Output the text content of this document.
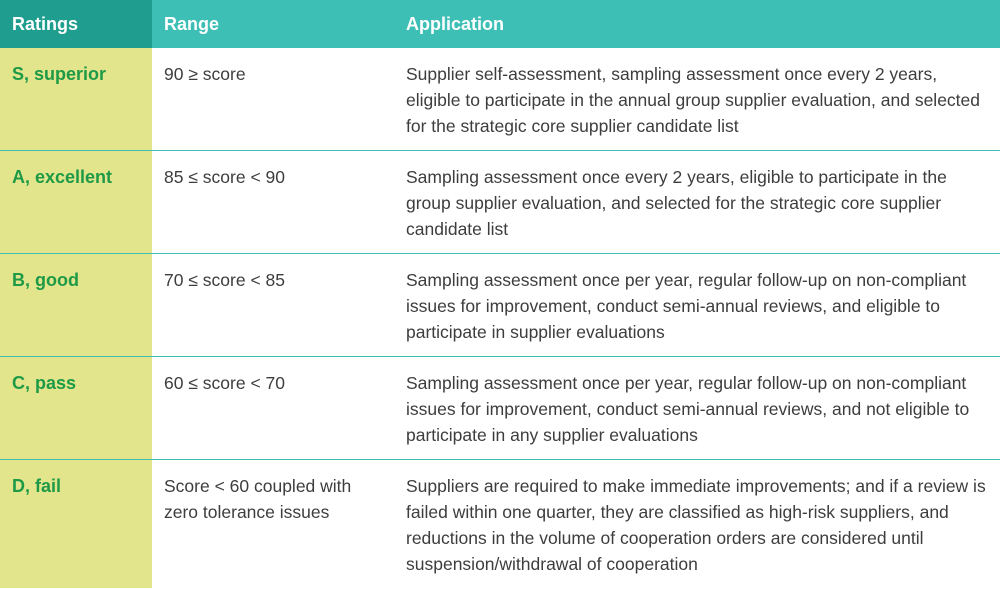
Ratings	Range	Application
S, superior	90 ≥ score	Supplier self-assessment, sampling assessment once every 2 years, eligible to participate in the annual group supplier evaluation, and selected for the strategic core supplier candidate list
A, excellent	85 ≤ score < 90	Sampling assessment once every 2 years, eligible to participate in the group supplier evaluation, and selected for the strategic core supplier candidate list
B, good	70 ≤ score < 85	Sampling assessment once per year, regular follow-up on non-compliant issues for improvement, conduct semi-annual reviews, and eligible to participate in supplier evaluations
C, pass	60 ≤ score < 70	Sampling assessment once per year, regular follow-up on non-compliant issues for improvement, conduct semi-annual reviews, and not eligible to participate in any supplier evaluations
D, fail	Score < 60 coupled with zero tolerance issues	Suppliers are required to make immediate improvements; and if a review is failed within one quarter, they are classified as high-risk suppliers, and reductions in the volume of cooperation orders are considered until suspension/withdrawal of cooperation
